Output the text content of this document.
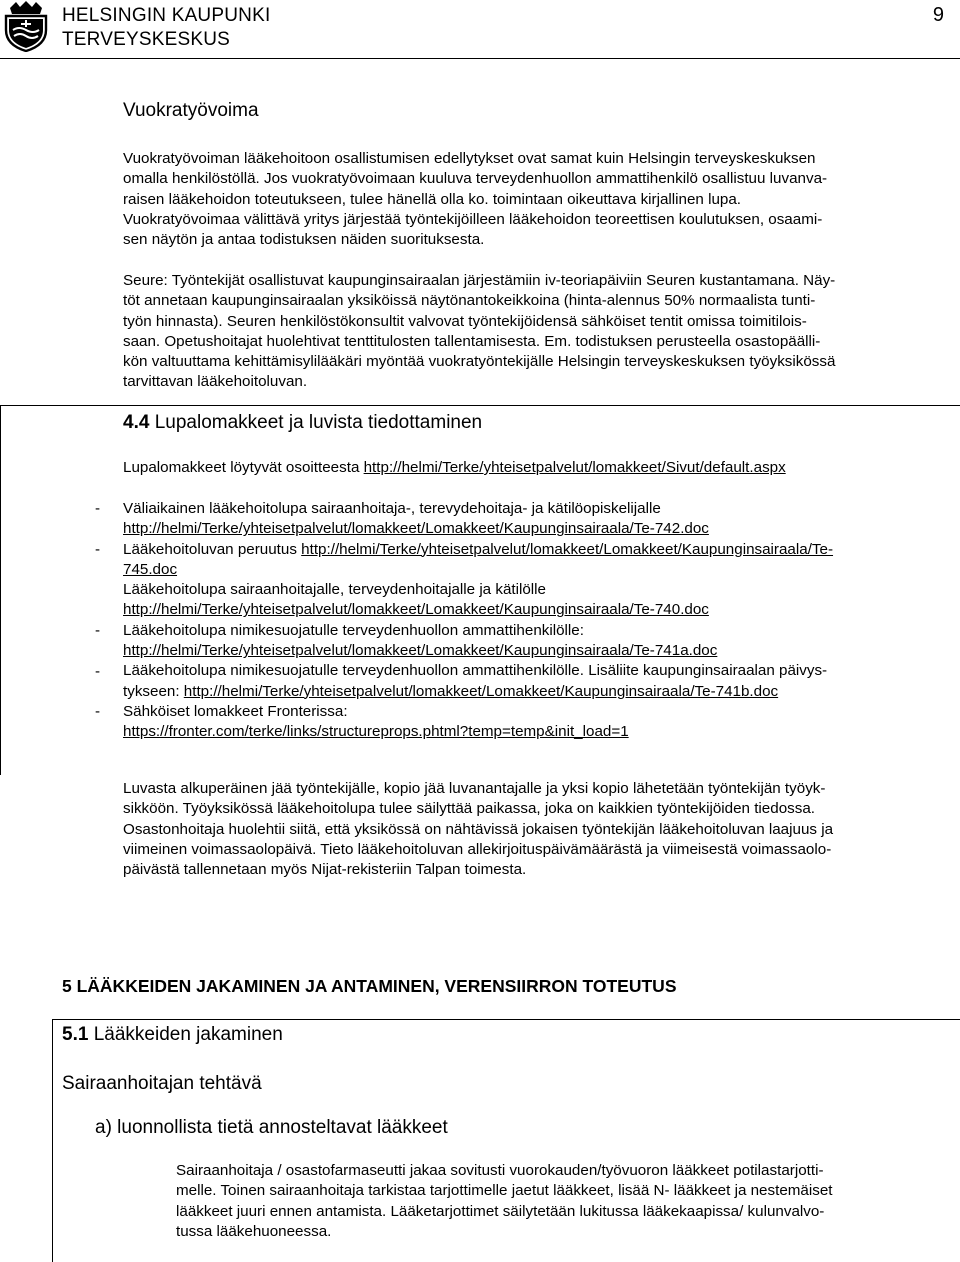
HELSINGIN KAUPUNKI
TERVEYSKESKUS
9
Vuokratyövoima
Vuokratyövoiman lääkehoitoon osallistumisen edellytykset ovat samat kuin Helsingin terveyskeskuksen
omalla henkilöstöllä. Jos vuokratyövoimaan kuuluva terveydenhuollon ammattihenkilö osallistuu luvanva-
raisen lääkehoidon toteutukseen, tulee hänellä olla ko. toimintaan oikeuttava kirjallinen lupa.
Vuokratyövoimaa välittävä yritys järjestää työntekijöilleen lääkehoidon teoreettisen koulutuksen, osaami-
sen näytön ja antaa todistuksen näiden suorituksesta.
Seure: Työntekijät osallistuvat kaupunginsairaalan järjestämiin iv-teoriapäiviin Seuren kustantamana. Näy-
töt annetaan kaupunginsairaalan yksiköissä näytönantokeikkoina (hinta-alennus 50% normaalista tunti-
työn hinnasta). Seuren henkilöstökonsultit valvovat työntekijöidensä sähköiset tentit omissa toimitilois-
saan. Opetushoitajat huolehtivat tenttitulosten tallentamisesta. Em. todistuksen perusteella osastopäälli-
kön valtuuttama kehittämisylilääkäri myöntää vuokratyöntekijälle Helsingin terveyskeskuksen työyksikössä
tarvittavan lääkehoitoluvan.
4.4 Lupalomakkeet ja luvista tiedottaminen
Lupalomakkeet löytyvät osoitteesta http://helmi/Terke/yhteisetpalvelut/lomakkeet/Sivut/default.aspx
-
-
-
-
-
Väliaikainen lääkehoitolupa sairaanhoitaja-, terevydehoitaja- ja kätilöopiskelijalle
http://helmi/Terke/yhteisetpalvelut/lomakkeet/Lomakkeet/Kaupunginsairaala/Te-742.doc
Lääkehoitoluvan peruutus http://helmi/Terke/yhteisetpalvelut/lomakkeet/Lomakkeet/Kaupunginsairaala/Te-
745.doc
Lääkehoitolupa sairaanhoitajalle, terveydenhoitajalle ja kätilölle
http://helmi/Terke/yhteisetpalvelut/lomakkeet/Lomakkeet/Kaupunginsairaala/Te-740.doc
Lääkehoitolupa nimikesuojatulle terveydenhuollon ammattihenkilölle:
http://helmi/Terke/yhteisetpalvelut/lomakkeet/Lomakkeet/Kaupunginsairaala/Te-741a.doc
Lääkehoitolupa nimikesuojatulle terveydenhuollon ammattihenkilölle. Lisäliite kaupunginsairaalan päivys-
tykseen: http://helmi/Terke/yhteisetpalvelut/lomakkeet/Lomakkeet/Kaupunginsairaala/Te-741b.doc
Sähköiset lomakkeet Fronterissa:
https://fronter.com/terke/links/structureprops.phtml?temp=temp&init_load=1
Luvasta alkuperäinen jää työntekijälle, kopio jää luvanantajalle ja yksi kopio lähetetään työntekijän työyk-
sikköön. Työyksikössä lääkehoitolupa tulee säilyttää paikassa, joka on kaikkien työntekijöiden tiedossa.
Osastonhoitaja huolehtii siitä, että yksikössä on nähtävissä jokaisen työntekijän lääkehoitoluvan laajuus ja
viimeinen voimassaolopäivä. Tieto lääkehoitoluvan allekirjoituspäivämäärästä ja viimeisestä voimassaolo-
päivästä tallennetaan myös Nijat-rekisteriin Talpan toimesta.
5 LÄÄKKEIDEN JAKAMINEN JA ANTAMINEN, VERENSIIRRON TOTEUTUS
5.1 Lääkkeiden jakaminen
Sairaanhoitajan tehtävä
a) luonnollista tietä annosteltavat lääkkeet
Sairaanhoitaja / osastofarmaseutti jakaa sovitusti vuorokauden/työvuoron lääkkeet potilastarjotti-
melle. Toinen sairaanhoitaja tarkistaa tarjottimelle jaetut lääkkeet, lisää N- lääkkeet ja nestemäiset
lääkkeet juuri ennen antamista. Lääketarjottimet säilytetään lukitussa lääkekaapissa/ kulunvalvo-
tussa lääkehuoneessa.
